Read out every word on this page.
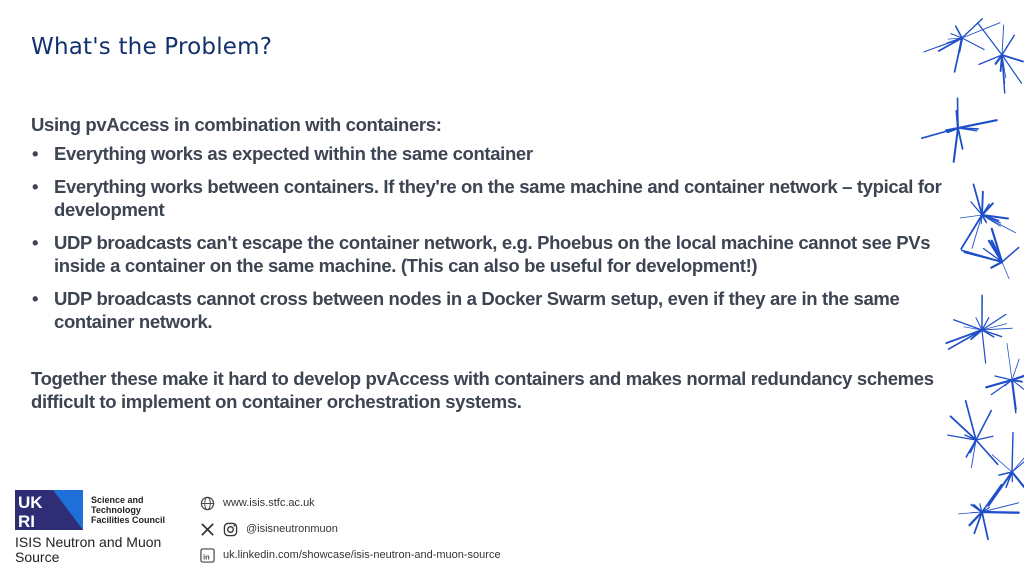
What's the Problem?

Using pvAccess in combination with containers:

• Everything works as expected within the same container
• Everything works between containers. If they're on the same machine and container network – typical for development
• UDP broadcasts can't escape the container network, e.g. Phoebus on the local machine cannot see PVs inside a container on the same machine. (This can also be useful for development!)
• UDP broadcasts cannot cross between nodes in a Docker Swarm setup, even if they are in the same container network.

Together these make it hard to develop pvAccess with containers and makes normal redundancy schemes difficult to implement on container orchestration systems.

UK
RI
Science and Technology Facilities Council
ISIS Neutron and Muon Source
www.isis.stfc.ac.uk
@isisneutronmuon
in uk.linkedin.com/showcase/isis-neutron-and-muon-source
